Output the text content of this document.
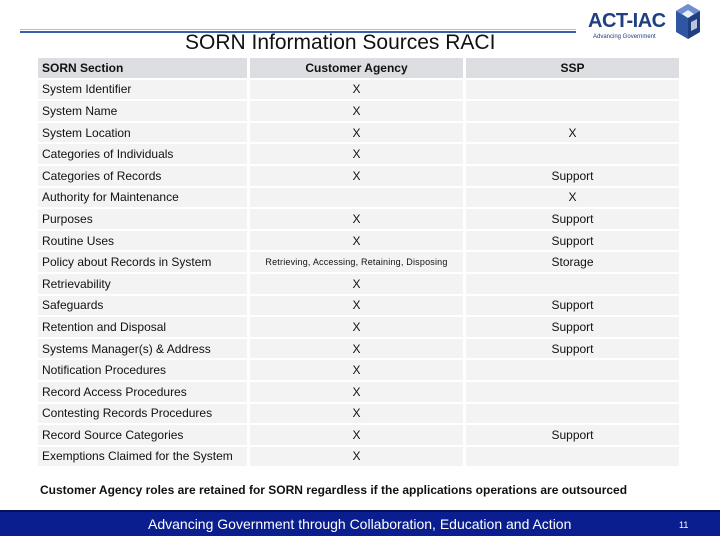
SORN Information Sources RACI
ACT-IAC
Advancing Government
SORN Section	Customer Agency	SSP
System Identifier	X	
System Name	X	
System Location	X	X
Categories of Individuals	X	
Categories of Records	X	Support
Authority for Maintenance		X
Purposes	X	Support
Routine Uses	X	Support
Policy about Records in System	Retrieving, Accessing, Retaining, Disposing	Storage
Retrievability	X	
Safeguards	X	Support
Retention and Disposal	X	Support
Systems Manager(s) & Address	X	Support
Notification Procedures	X	
Record Access Procedures	X	
Contesting Records Procedures	X	
Record Source Categories	X	Support
Exemptions Claimed for the System	X	
Customer Agency roles are retained for SORN regardless if the applications operations are outsourced
Advancing Government through Collaboration, Education and Action	11
